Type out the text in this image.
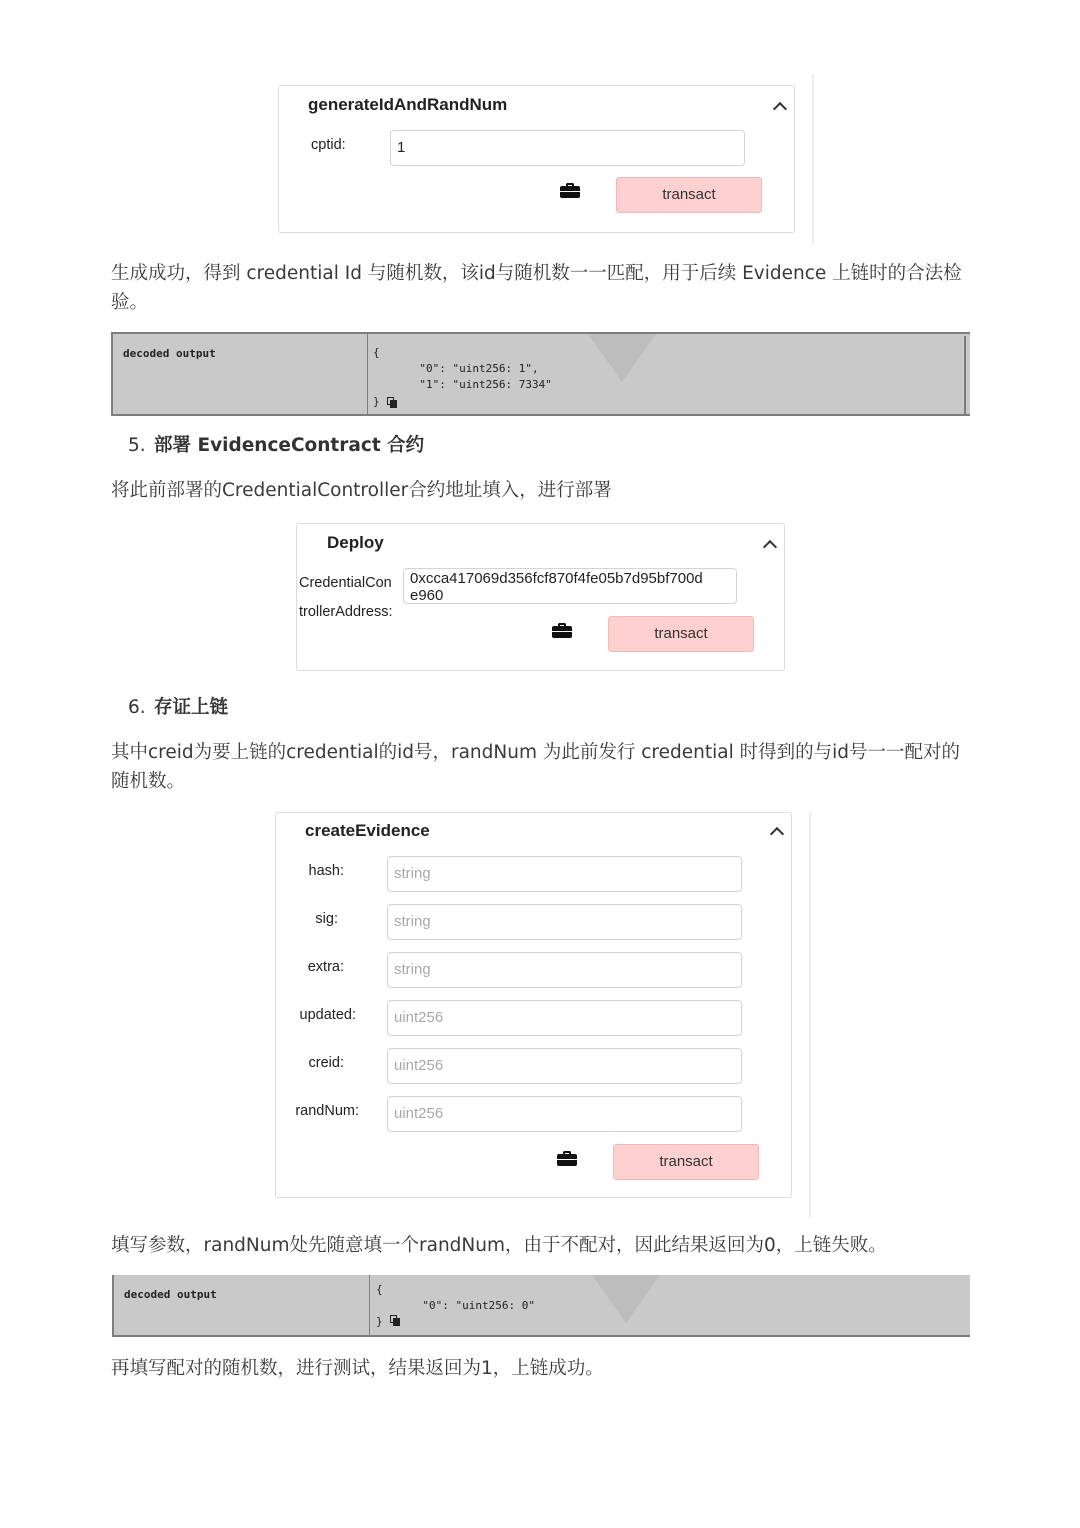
generateIdAndRandNum
cptid:	1
transact
生成成功，得到 credential Id 与随机数，该id与随机数一一匹配，用于后续 Evidence 上链时的合法检验。
decoded output	{
	"0": "uint256: 1",
	"1": "uint256: 7334"
}
5. 部署 EvidenceContract 合约
将此前部署的CredentialController合约地址填入，进行部署
Deploy
CredentialCon
trollerAddress:
0xcca417069d356fcf870f4fe05b7d95bf700d
e960
transact
6. 存证上链
其中creid为要上链的credential的id号，randNum 为此前发行 credential 时得到的与id号一一配对的随机数。
createEvidence
hash:	string
sig:	string
extra:	string
updated:	uint256
creid:	uint256
randNum:	uint256
transact
填写参数，randNum处先随意填一个randNum，由于不配对，因此结果返回为0，上链失败。
decoded output	{
	"0": "uint256: 0"
}
再填写配对的随机数，进行测试，结果返回为1，上链成功。
